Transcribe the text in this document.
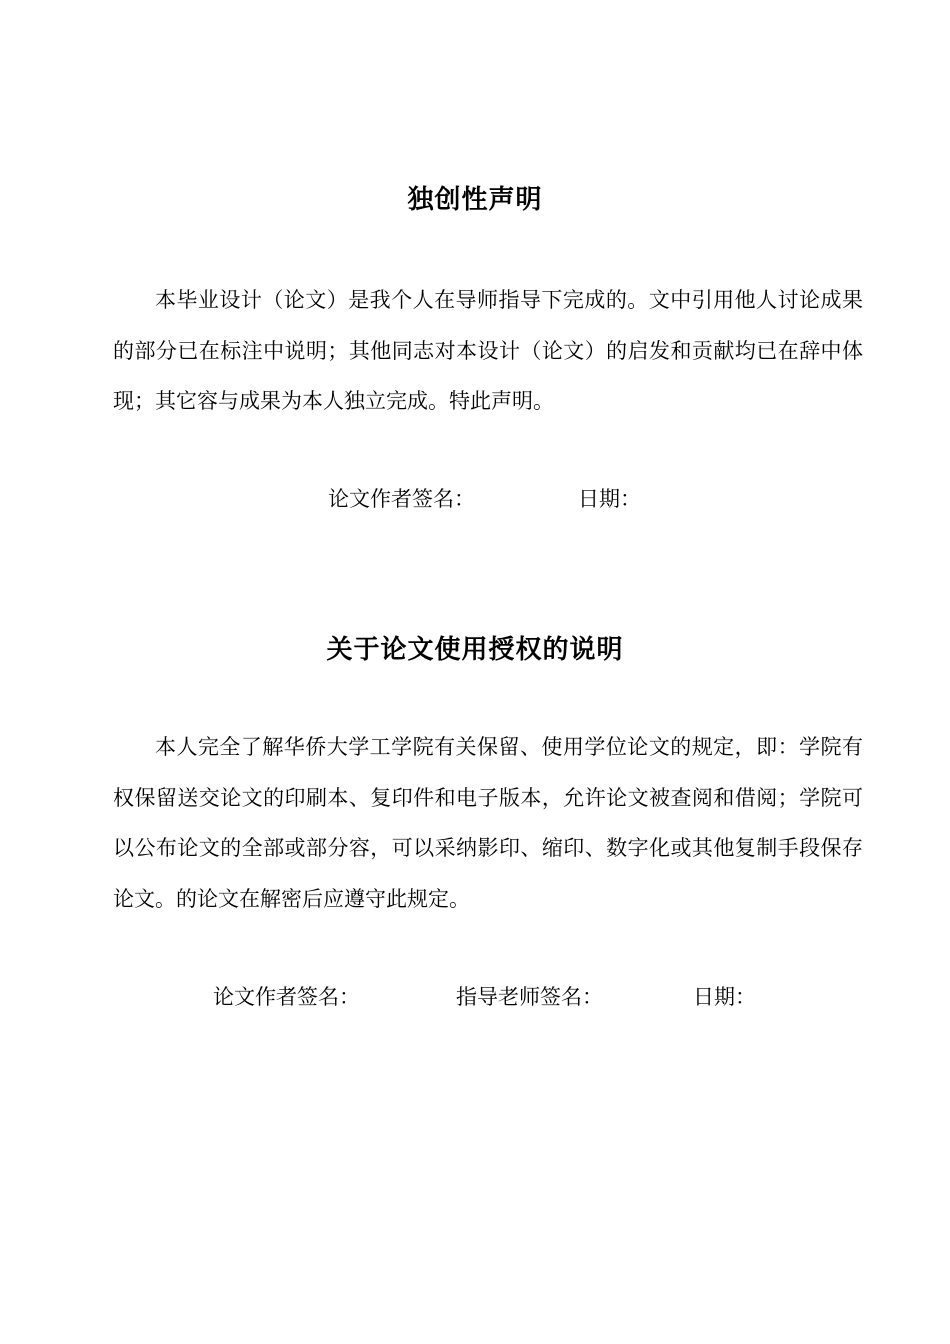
独创性声明
本毕业设计（论文）是我个人在导师指导下完成的。文中引用他人讨论成果的部分已在标注中说明；其他同志对本设计（论文）的启发和贡献均已在辞中体现；其它容与成果为本人独立完成。特此声明。
论文作者签名：	日期：
关于论文使用授权的说明
本人完全了解华侨大学工学院有关保留、使用学位论文的规定，即：学院有权保留送交论文的印刷本、复印件和电子版本，允许论文被查阅和借阅；学院可以公布论文的全部或部分容，可以采纳影印、缩印、数字化或其他复制手段保存论文。的论文在解密后应遵守此规定。
论文作者签名：	指导老师签名：	日期：
